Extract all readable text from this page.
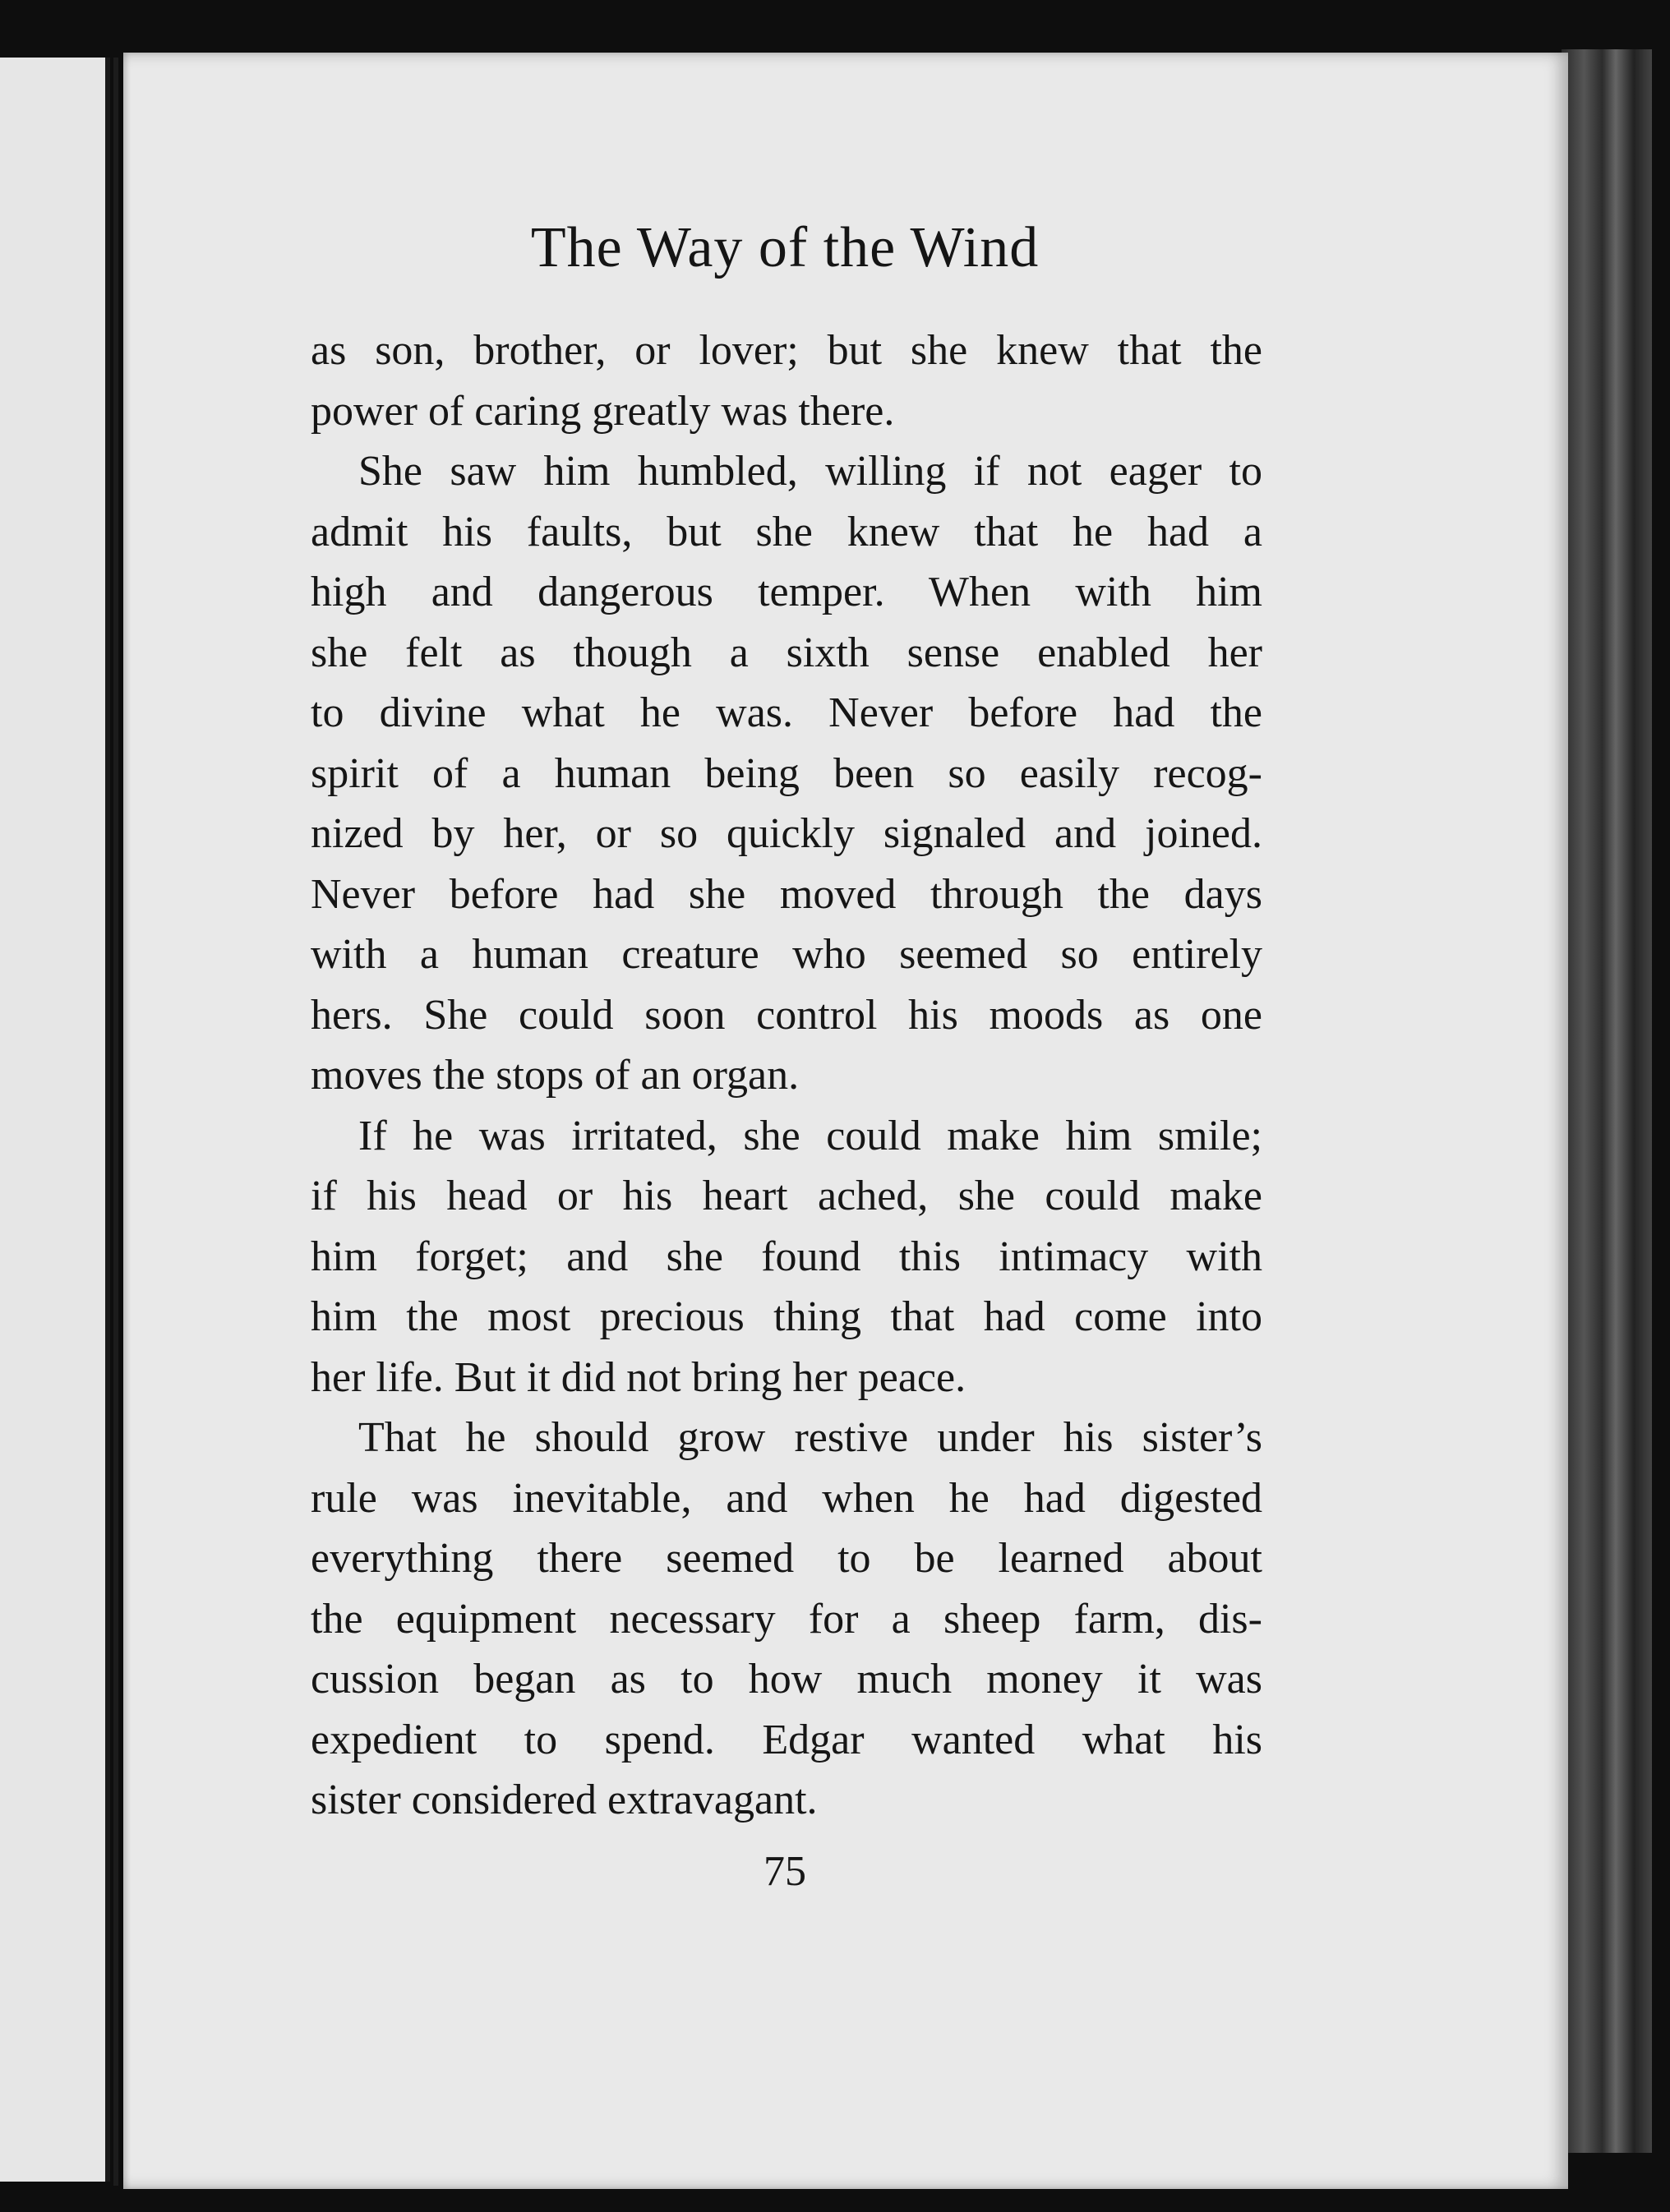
The Way of the Wind
as son, brother, or lover; but she knew that the
power of caring greatly was there.
She saw him humbled, willing if not eager to
admit his faults, but she knew that he had a
high and dangerous temper. When with him
she felt as though a sixth sense enabled her
to divine what he was. Never before had the
spirit of a human being been so easily recog-
nized by her, or so quickly signaled and joined.
Never before had she moved through the days
with a human creature who seemed so entirely
hers. She could soon control his moods as one
moves the stops of an organ.
If he was irritated, she could make him smile;
if his head or his heart ached, she could make
him forget; and she found this intimacy with
him the most precious thing that had come into
her life. But it did not bring her peace.
That he should grow restive under his sister’s
rule was inevitable, and when he had digested
everything there seemed to be learned about
the equipment necessary for a sheep farm, dis-
cussion began as to how much money it was
expedient to spend. Edgar wanted what his
sister considered extravagant.
75
